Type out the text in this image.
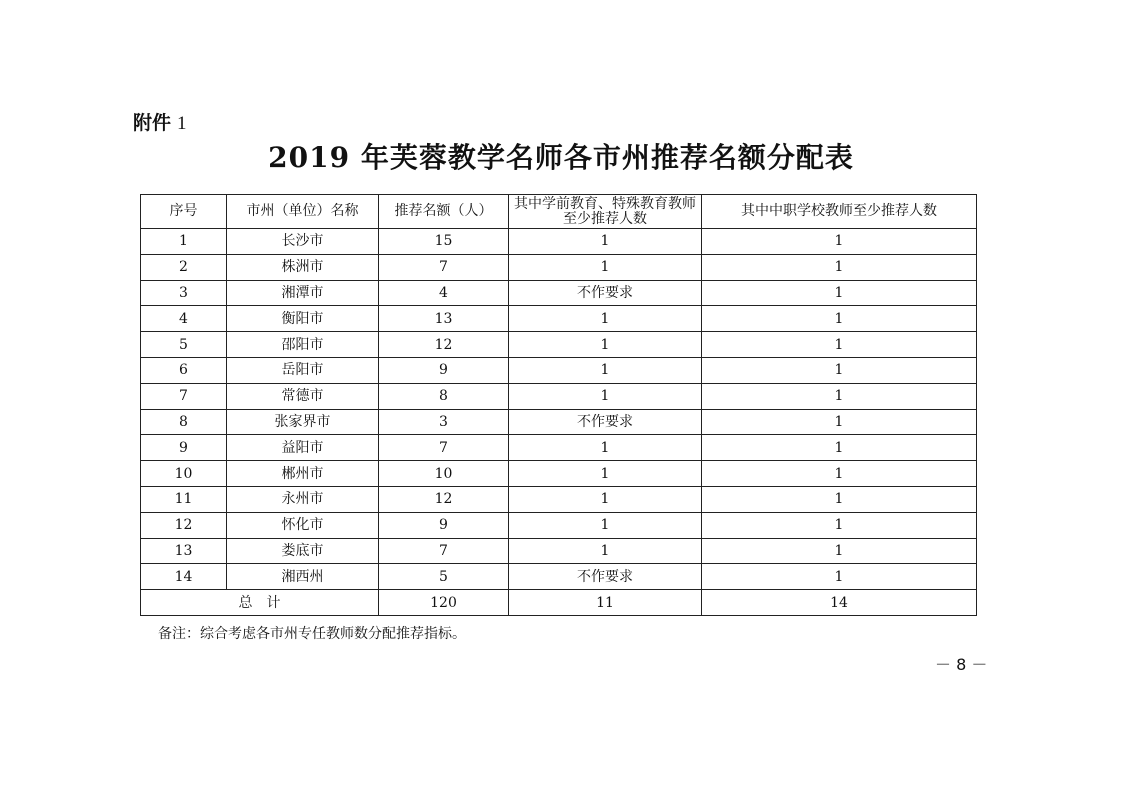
附件 1
2019 年芙蓉教学名师各市州推荐名额分配表
序号	市州（单位）名称	推荐名额（人）	其中学前教育、特殊教育教师至少推荐人数	其中中职学校教师至少推荐人数
1	长沙市	15	1	1
2	株洲市	7	1	1
3	湘潭市	4	不作要求	1
4	衡阳市	13	1	1
5	邵阳市	12	1	1
6	岳阳市	9	1	1
7	常德市	8	1	1
8	张家界市	3	不作要求	1
9	益阳市	7	1	1
10	郴州市	10	1	1
11	永州市	12	1	1
12	怀化市	9	1	1
13	娄底市	7	1	1
14	湘西州	5	不作要求	1
总　计		120	11	14
备注：综合考虑各市州专任教师数分配推荐指标。
－ 8 －
